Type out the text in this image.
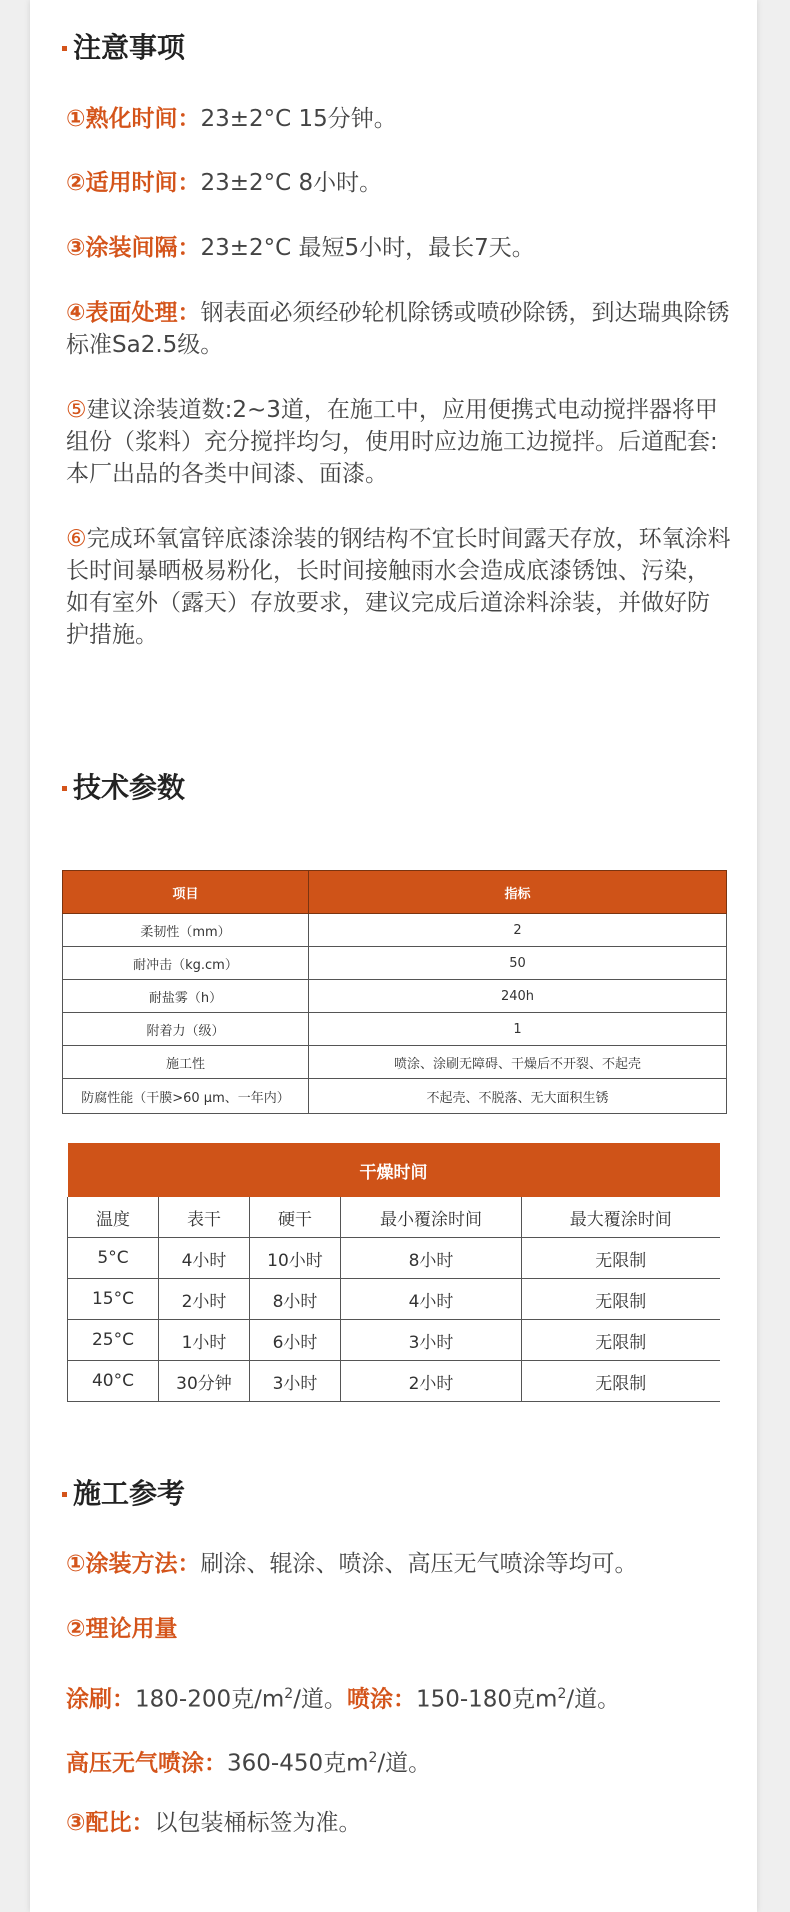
注意事项

①熟化时间：23±2°C 15分钟。

②适用时间：23±2°C 8小时。

③涂装间隔：23±2°C 最短5小时，最长7天。

④表面处理：钢表面必须经砂轮机除锈或喷砂除锈，到达瑞典除锈标准Sa2.5级。

⑤建议涂装道数:2~3道，在施工中，应用便携式电动搅拌器将甲组份（浆料）充分搅拌均匀，使用时应边施工边搅拌。后道配套:本厂出品的各类中间漆、面漆。

⑥完成环氧富锌底漆涂装的钢结构不宜长时间露天存放，环氧涂料长时间暴晒极易粉化，长时间接触雨水会造成底漆锈蚀、污染，如有室外（露天）存放要求，建议完成后道涂料涂装，并做好防护措施。

技术参数
项目	指标
柔韧性（mm）	2
耐冲击（kg.cm）	50
耐盐雾（h）	240h
附着力（级）	1
施工性	喷涂、涂刷无障碍、干燥后不开裂、不起壳
防腐性能（干膜>60 μm、一年内）	不起壳、不脱落、无大面积生锈
干燥时间				
温度	表干	硬干	最小覆涂时间	最大覆涂时间
5°C	4小时	10小时	8小时	无限制
15°C	2小时	8小时	4小时	无限制
25°C	1小时	6小时	3小时	无限制
40°C	30分钟	3小时	2小时	无限制
施工参考

①涂装方法：刷涂、辊涂、喷涂、高压无气喷涂等均可。

②理论用量

涂刷：180-200克$/m^2/$道。喷涂：150-180克$m^2/$道。

高压无气喷涂：360-450克$m^2/$道。

③配比：以包装桶标签为准。
